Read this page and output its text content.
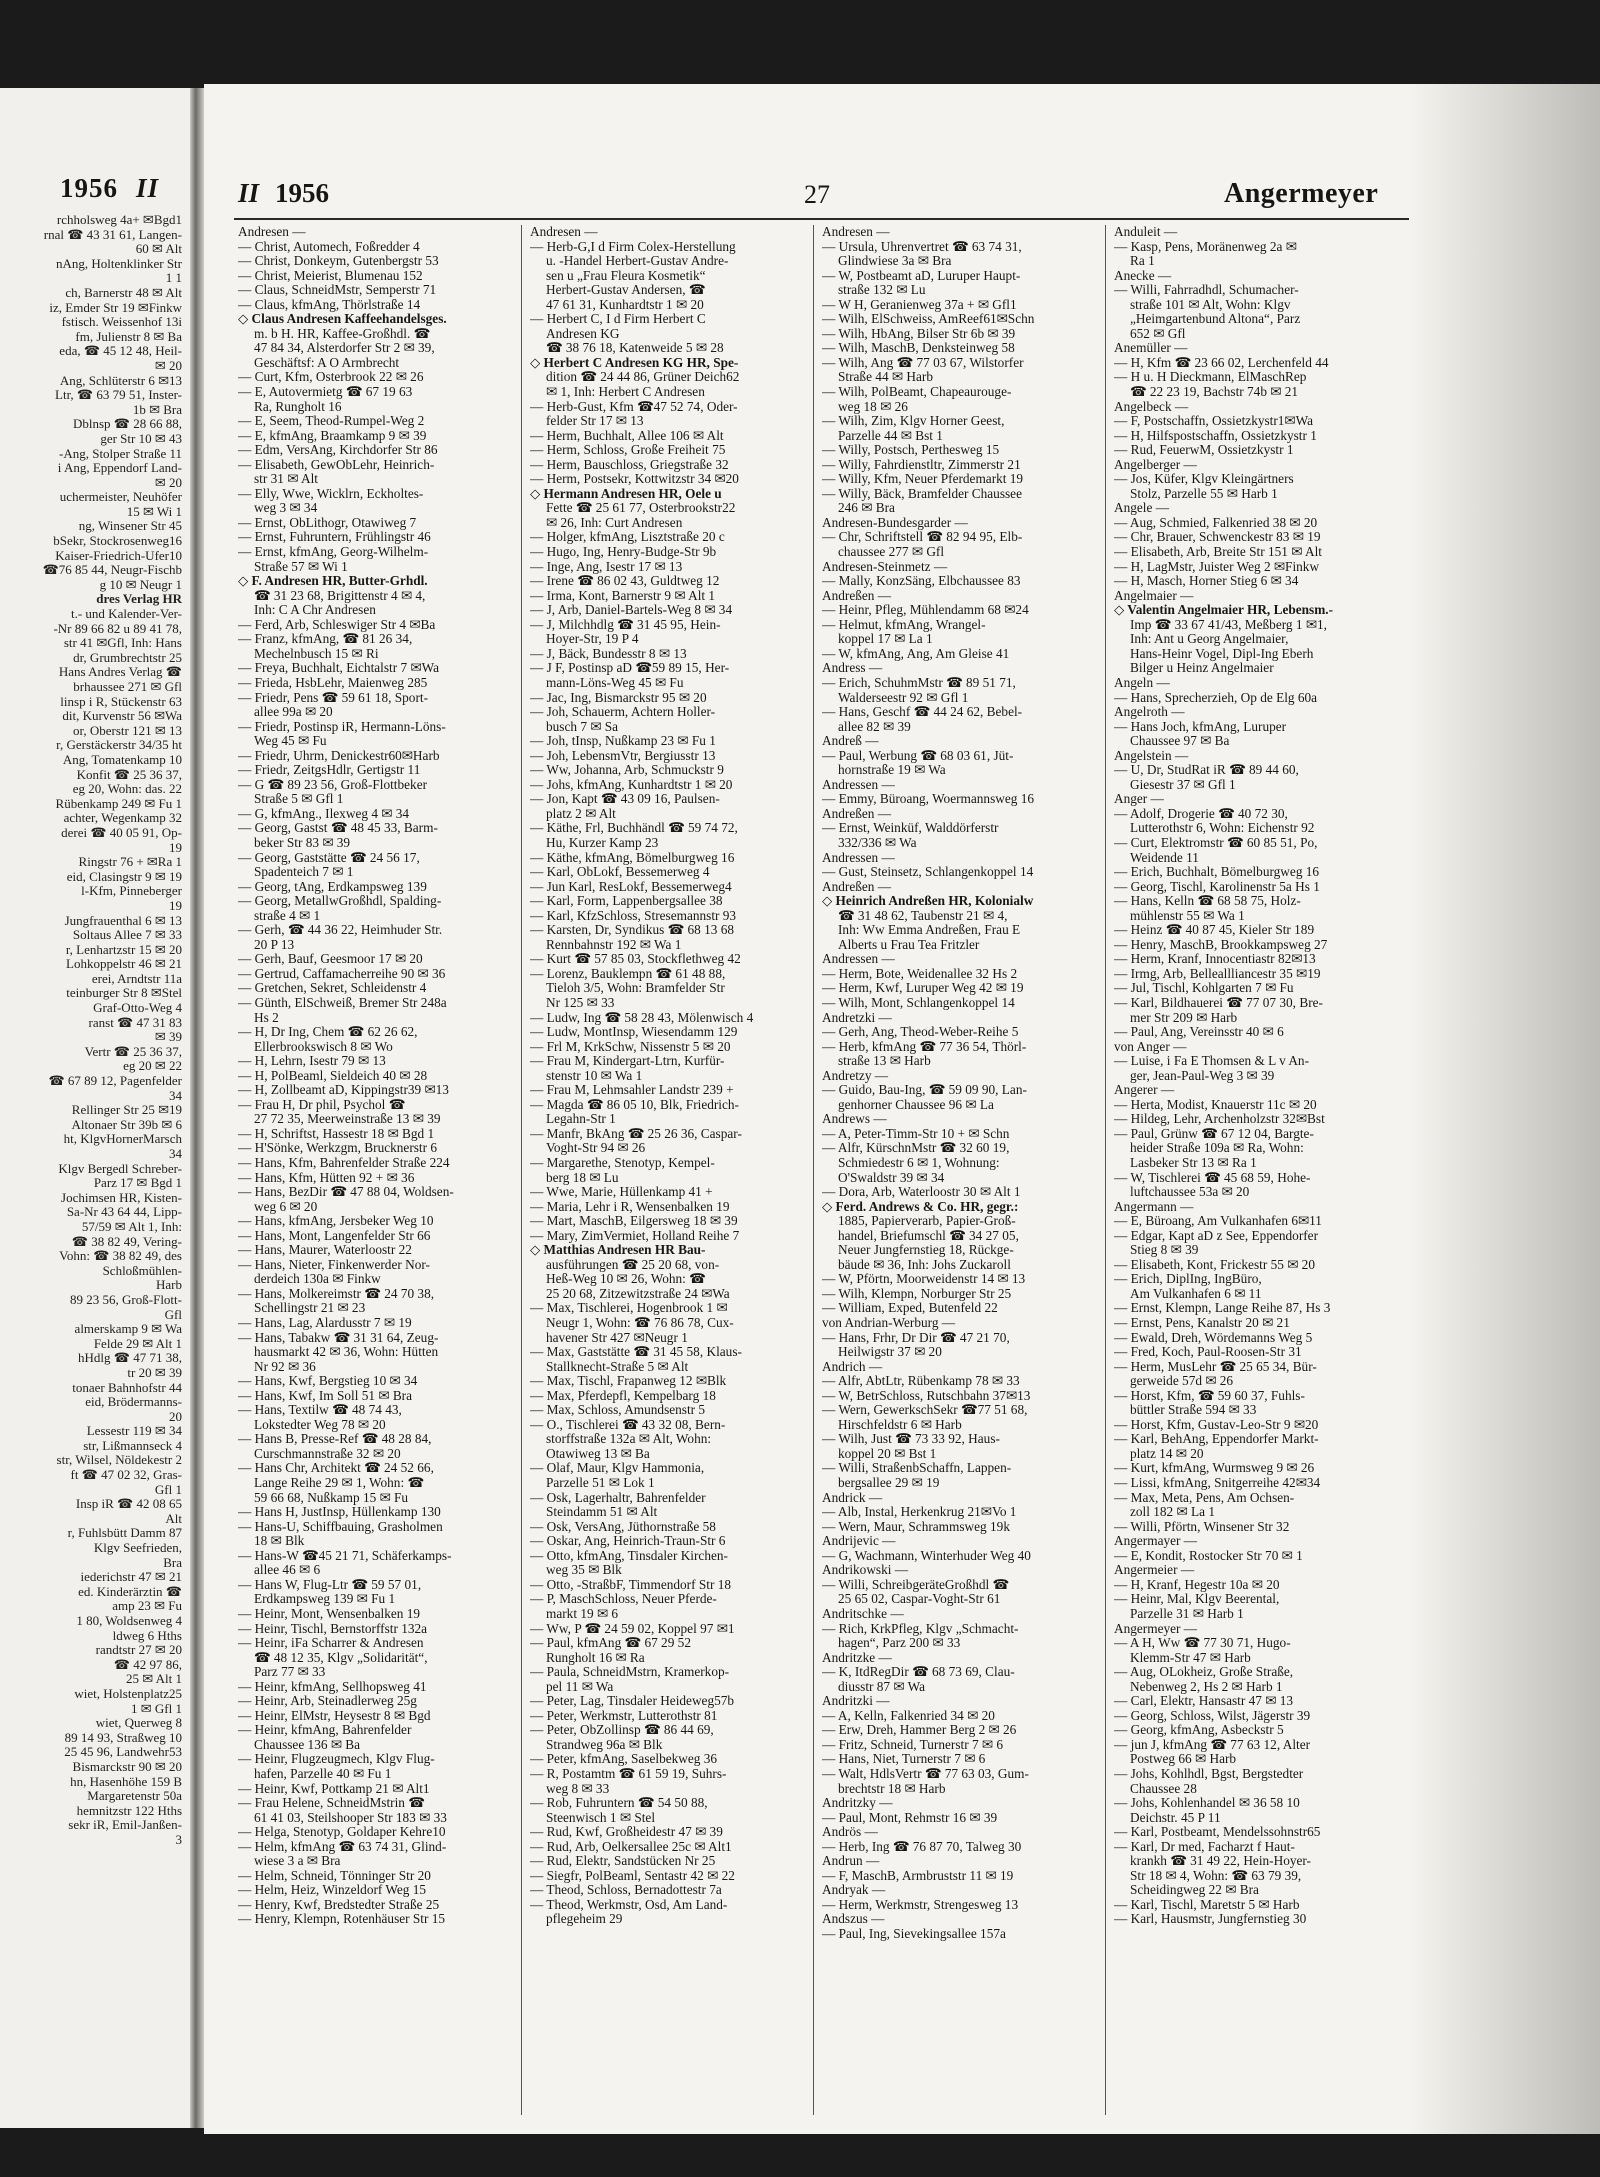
1956 II
rchholsweg 4a+ ✉Bgd1
rnal ☎ 43 31 61, Langen-
60 ✉ Alt
nAng, Holtenklinker Str
1 1
ch, Barnerstr 48 ✉ Alt
iz, Emder Str 19 ✉Finkw
fstisch. Weissenhof 13i
fm, Julienstr 8 ✉ Ba
eda, ☎ 45 12 48, Heil-
✉ 20
Ang, Schlüterstr 6 ✉13
Ltr, ☎ 63 79 51, Inster-
1b ✉ Bra
Dblnsp ☎ 28 66 88,
ger Str 10 ✉ 43
-Ang, Stolper Straße 11
i Ang, Eppendorf Land-
✉ 20
uchermeister, Neuhöfer
15 ✉ Wi 1
ng, Winsener Str 45
bSekr, Stockrosenweg16
Kaiser-Friedrich-Ufer10
☎76 85 44, Neugr-Fischb
g 10 ✉ Neugr 1
dres Verlag HR
t.- und Kalender-Ver-
-Nr 89 66 82 u 89 41 78,
str 41 ✉Gfl, Inh: Hans
dr, Grumbrechtstr 25
Hans Andres Verlag ☎
brhaussee 271 ✉ Gfl
linsp i R, Stückenstr 63
dit, Kurvenstr 56 ✉Wa
or, Oberstr 121 ✉ 13
r, Gerstäckerstr 34/35 ht
Ang, Tomatenkamp 10
Konfit ☎ 25 36 37,
eg 20, Wohn: das. 22
Rübenkamp 249 ✉ Fu 1
achter, Wegenkamp 32
derei ☎ 40 05 91, Op-
19
Ringstr 76 + ✉Ra 1
eid, Clasingstr 9 ✉ 19
l-Kfm, Pinneberger
19
Jungfrauenthal 6 ✉ 13
Soltaus Allee 7 ✉ 33
r, Lenhartzstr 15 ✉ 20
Lohkoppelstr 46 ✉ 21
erei, Arndtstr 11a
teinburger Str 8 ✉Stel
Graf-Otto-Weg 4
ranst ☎ 47 31 83
✉ 39
Vertr ☎ 25 36 37,
eg 20 ✉ 22
☎ 67 89 12, Pagenfelder
34
Rellinger Str 25 ✉19
Altonaer Str 39b ✉ 6
ht, KlgvHornerMarsch
34
Klgv Bergedl Schreber-
Parz 17 ✉ Bgd 1
Jochimsen HR, Kisten-
Sa-Nr 43 64 44, Lipp-
57/59 ✉ Alt 1, Inh:
☎ 38 82 49, Vering-
Vohn: ☎ 38 82 49, des
Schloßmühlen-
Harb
89 23 56, Groß-Flott-
Gfl
almerskamp 9 ✉ Wa
Felde 29 ✉ Alt 1
hHdlg ☎ 47 71 38,
tr 20 ✉ 39
tonaer Bahnhofstr 44
eid, Brödermanns-
20
Lessestr 119 ✉ 34
str, Lißmannseck 4
str, Wilsel, Nöldekestr 2
ft ☎ 47 02 32, Gras-
Gfl 1
Insp iR ☎ 42 08 65
Alt
r, Fuhlsbütt Damm 87
Klgv Seefrieden,
Bra
iederichstr 47 ✉ 21
ed. Kinderärztin ☎
amp 23 ✉ Fu
1 80, Woldsenweg 4
ldweg 6 Hths
randtstr 27 ✉ 20
☎ 42 97 86,
25 ✉ Alt 1
wiet, Holstenplatz25
1 ✉ Gfl 1
wiet, Querweg 8
89 14 93, Straßweg 10
25 45 96, Landwehr53
Bismarckstr 90 ✉ 20
hn, Hasenhöhe 159 B
Margaretenstr 50a
hemnitzstr 122 Hths
sekr iR, Emil-Janßen-
3
II 1956	27	Angermeyer
Andresen —
— Christ, Automech, Foßredder 4
— Christ, Donkeym, Gutenbergstr 53
— Christ, Meierist, Blumenau 152
— Claus, SchneidMstr, Semperstr 71
— Claus, kfmAng, Thörlstraße 14
◇ Claus Andresen Kaffeehandelsges.
m. b H. HR, Kaffee-Großhdl. ☎
47 84 34, Alsterdorfer Str 2 ✉ 39,
Geschäftsf: A O Armbrecht
— Curt, Kfm, Osterbrook 22 ✉ 26
— E, Autovermietg ☎ 67 19 63
Ra, Rungholt 16
— E, Seem, Theod-Rumpel-Weg 2
— E, kfmAng, Braamkamp 9 ✉ 39
— Edm, VersAng, Kirchdorfer Str 86
— Elisabeth, GewObLehr, Heinrich-
str 31 ✉ Alt
— Elly, Wwe, Wicklrn, Eckholtes-
weg 3 ✉ 34
— Ernst, ObLithogr, Otawiweg 7
— Ernst, Fuhruntern, Frühlingstr 46
— Ernst, kfmAng, Georg-Wilhelm-
Straße 57 ✉ Wi 1
◇ F. Andresen HR, Butter-Grhdl.
☎ 31 23 68, Brigittenstr 4 ✉ 4,
Inh: C A Chr Andresen
— Ferd, Arb, Schleswiger Str 4 ✉Ba
— Franz, kfmAng, ☎ 81 26 34,
Mechelnbusch 15 ✉ Ri
— Freya, Buchhalt, Eichtalstr 7 ✉Wa
— Frieda, HsbLehr, Maienweg 285
— Friedr, Pens ☎ 59 61 18, Sport-
allee 99a ✉ 20
— Friedr, Postinsp iR, Hermann-Löns-
Weg 45 ✉ Fu
— Friedr, Uhrm, Denickestr60✉Harb
— Friedr, ZeitgsHdlr, Gertigstr 11
— G ☎ 89 23 56, Groß-Flottbeker
Straße 5 ✉ Gfl 1
— G, kfmAng., Ilexweg 4 ✉ 34
— Georg, Gastst ☎ 48 45 33, Barm-
beker Str 83 ✉ 39
— Georg, Gaststätte ☎ 24 56 17,
Spadenteich 7 ✉ 1
— Georg, tAng, Erdkampsweg 139
— Georg, MetallwGroßhdl, Spalding-
straße 4 ✉ 1
— Gerh, ☎ 44 36 22, Heimhuder Str.
20 P 13
— Gerh, Bauf, Geesmoor 17 ✉ 20
— Gertrud, Caffamacherreihe 90 ✉ 36
— Gretchen, Sekret, Schleidenstr 4
— Günth, ElSchweiß, Bremer Str 248a
Hs 2
— H, Dr Ing, Chem ☎ 62 26 62,
Ellerbrookswisch 8 ✉ Wo
— H, Lehrn, Isestr 79 ✉ 13
— H, PolBeaml, Sieldeich 40 ✉ 28
— H, Zollbeamt aD, Kippingstr39 ✉13
— Frau H, Dr phil, Psychol ☎
27 72 35, Meerweinstraße 13 ✉ 39
— H, Schriftst, Hassestr 18 ✉ Bgd 1
— H'Sönke, Werkzgm, Brucknerstr 6
— Hans, Kfm, Bahrenfelder Straße 224
— Hans, Kfm, Hütten 92 + ✉ 36
— Hans, BezDir ☎ 47 88 04, Woldsen-
weg 6 ✉ 20
— Hans, kfmAng, Jersbeker Weg 10
— Hans, Mont, Langenfelder Str 66
— Hans, Maurer, Waterloostr 22
— Hans, Nieter, Finkenwerder Nor-
derdeich 130a ✉ Finkw
— Hans, Molkereimstr ☎ 24 70 38,
Schellingstr 21 ✉ 23
— Hans, Lag, Alardusstr 7 ✉ 19
— Hans, Tabakw ☎ 31 31 64, Zeug-
hausmarkt 42 ✉ 36, Wohn: Hütten
Nr 92 ✉ 36
— Hans, Kwf, Bergstieg 10 ✉ 34
— Hans, Kwf, Im Soll 51 ✉ Bra
— Hans, Textilw ☎ 48 74 43,
Lokstedter Weg 78 ✉ 20
— Hans B, Presse-Ref ☎ 48 28 84,
Curschmannstraße 32 ✉ 20
— Hans Chr, Architekt ☎ 24 52 66,
Lange Reihe 29 ✉ 1, Wohn: ☎
59 66 68, Nußkamp 15 ✉ Fu
— Hans H, JustInsp, Hüllenkamp 130
— Hans-U, Schiffbauing, Grasholmen
18 ✉ Blk
— Hans-W ☎45 21 71, Schäferkamps-
allee 46 ✉ 6
— Hans W, Flug-Ltr ☎ 59 57 01,
Erdkampsweg 139 ✉ Fu 1
— Heinr, Mont, Wensenbalken 19
— Heinr, Tischl, Bernstorffstr 132a
— Heinr, iFa Scharrer & Andresen
☎ 48 12 35, Klgv „Solidarität“,
Parz 77 ✉ 33
— Heinr, kfmAng, Sellhopsweg 41
— Heinr, Arb, Steinadlerweg 25g
— Heinr, ElMstr, Heysestr 8 ✉ Bgd
— Heinr, kfmAng, Bahrenfelder
Chaussee 136 ✉ Ba
— Heinr, Flugzeugmech, Klgv Flug-
hafen, Parzelle 40 ✉ Fu 1
— Heinr, Kwf, Pottkamp 21 ✉ Alt1
— Frau Helene, SchneidMstrin ☎
61 41 03, Steilshooper Str 183 ✉ 33
— Helga, Stenotyp, Goldaper Kehre10
— Helm, kfmAng ☎ 63 74 31, Glind-
wiese 3 a ✉ Bra
— Helm, Schneid, Tönninger Str 20
— Helm, Heiz, Winzeldorf Weg 15
— Henry, Kwf, Bredstedter Straße 25
— Henry, Klempn, Rotenhäuser Str 15
Andresen —
— Herb-G,I d Firm Colex-Herstellung
u. -Handel Herbert-Gustav Andre-
sen u „Frau Fleura Kosmetik“
Herbert-Gustav Andersen, ☎
47 61 31, Kunhardtstr 1 ✉ 20
— Herbert C, I d Firm Herbert C
Andresen KG
☎ 38 76 18, Katenweide 5 ✉ 28
◇ Herbert C Andresen KG HR, Spe-
dition ☎ 24 44 86, Grüner Deich62
✉ 1, Inh: Herbert C Andresen
— Herb-Gust, Kfm ☎47 52 74, Oder-
felder Str 17 ✉ 13
— Herm, Buchhalt, Allee 106 ✉ Alt
— Herm, Schloss, Große Freiheit 75
— Herm, Bauschloss, Griegstraße 32
— Herm, Postsekr, Kottwitzstr 34 ✉20
◇ Hermann Andresen HR, Oele u
Fette ☎ 25 61 77, Osterbrookstr22
✉ 26, Inh: Curt Andresen
— Holger, kfmAng, Lisztstraße 20 c
— Hugo, Ing, Henry-Budge-Str 9b
— Inge, Ang, Isestr 17 ✉ 13
— Irene ☎ 86 02 43, Guldtweg 12
— Irma, Kont, Barnerstr 9 ✉ Alt 1
— J, Arb, Daniel-Bartels-Weg 8 ✉ 34
— J, Milchhdlg ☎ 31 45 95, Hein-
Hoyer-Str, 19 P 4
— J, Bäck, Bundesstr 8 ✉ 13
— J F, Postinsp aD ☎59 89 15, Her-
mann-Löns-Weg 45 ✉ Fu
— Jac, Ing, Bismarckstr 95 ✉ 20
— Joh, Schauerm, Achtern Holler-
busch 7 ✉ Sa
— Joh, tInsp, Nußkamp 23 ✉ Fu 1
— Joh, LebensmVtr, Bergiusstr 13
— Ww, Johanna, Arb, Schmuckstr 9
— Johs, kfmAng, Kunhardtstr 1 ✉ 20
— Jon, Kapt ☎ 43 09 16, Paulsen-
platz 2 ✉ Alt
— Käthe, Frl, Buchhändl ☎ 59 74 72,
Hu, Kurzer Kamp 23
— Käthe, kfmAng, Bömelburgweg 16
— Karl, ObLokf, Bessemerweg 4
— Jun Karl, ResLokf, Bessemerweg4
— Karl, Form, Lappenbergsallee 38
— Karl, KfzSchloss, Stresemannstr 93
— Karsten, Dr, Syndikus ☎ 68 13 68
Rennbahnstr 192 ✉ Wa 1
— Kurt ☎ 57 85 03, Stockflethweg 42
— Lorenz, Bauklempn ☎ 61 48 88,
Tieloh 3/5, Wohn: Bramfelder Str
Nr 125 ✉ 33
— Ludw, Ing ☎ 58 28 43, Mölenwisch 4
— Ludw, MontInsp, Wiesendamm 129
— Frl M, KrkSchw, Nissenstr 5 ✉ 20
— Frau M, Kindergart-Ltrn, Kurfür-
stenstr 10 ✉ Wa 1
— Frau M, Lehmsahler Landstr 239 +
— Magda ☎ 86 05 10, Blk, Friedrich-
Legahn-Str 1
— Manfr, BkAng ☎ 25 26 36, Caspar-
Voght-Str 94 ✉ 26
— Margarethe, Stenotyp, Kempel-
berg 18 ✉ Lu
— Wwe, Marie, Hüllenkamp 41 +
— Maria, Lehr i R, Wensenbalken 19
— Mart, MaschB, Eilgersweg 18 ✉ 39
— Mary, ZimVermiet, Holland Reihe 7
◇ Matthias Andresen HR Bau-
ausführungen ☎ 25 20 68, von-
Heß-Weg 10 ✉ 26, Wohn: ☎
25 20 68, Zitzewitzstraße 24 ✉Wa
— Max, Tischlerei, Hogenbrook 1 ✉
Neugr 1, Wohn: ☎ 76 86 78, Cux-
havener Str 427 ✉Neugr 1
— Max, Gaststätte ☎ 31 45 58, Klaus-
Stallknecht-Straße 5 ✉ Alt
— Max, Tischl, Frapanweg 12 ✉Blk
— Max, Pferdepfl, Kempelbarg 18
— Max, Schloss, Amundsenstr 5
— O., Tischlerei ☎ 43 32 08, Bern-
storffstraße 132a ✉ Alt, Wohn:
Otawiweg 13 ✉ Ba
— Olaf, Maur, Klgv Hammonia,
Parzelle 51 ✉ Lok 1
— Osk, Lagerhaltr, Bahrenfelder
Steindamm 51 ✉ Alt
— Osk, VersAng, Jüthornstraße 58
— Oskar, Ang, Heinrich-Traun-Str 6
— Otto, kfmAng, Tinsdaler Kirchen-
weg 35 ✉ Blk
— Otto, -StraßbF, Timmendorf Str 18
— P, MaschSchloss, Neuer Pferde-
markt 19 ✉ 6
— Ww, P ☎ 24 59 02, Koppel 97 ✉1
— Paul, kfmAng ☎ 67 29 52
Rungholt 16 ✉ Ra
— Paula, SchneidMstrn, Kramerkop-
pel 11 ✉ Wa
— Peter, Lag, Tinsdaler Heideweg57b
— Peter, Werkmstr, Lutterothstr 81
— Peter, ObZollinsp ☎ 86 44 69,
Strandweg 96a ✉ Blk
— Peter, kfmAng, Saselbekweg 36
— R, Postamtm ☎ 61 59 19, Suhrs-
weg 8 ✉ 33
— Rob, Fuhruntern ☎ 54 50 88,
Steenwisch 1 ✉ Stel
— Rud, Kwf, Großheidestr 47 ✉ 39
— Rud, Arb, Oelkersallee 25c ✉ Alt1
— Rud, Elektr, Sandstücken Nr 25
— Siegfr, PolBeaml, Sentastr 42 ✉ 22
— Theod, Schloss, Bernadottestr 7a
— Theod, Werkmstr, Osd, Am Land-
pflegeheim 29
Andresen —
— Ursula, Uhrenvertret ☎ 63 74 31,
Glindwiese 3a ✉ Bra
— W, Postbeamt aD, Luruper Haupt-
straße 132 ✉ Lu
— W H, Geranienweg 37a + ✉ Gfl1
— Wilh, ElSchweiss, AmReef61✉Schn
— Wilh, HbAng, Bilser Str 6b ✉ 39
— Wilh, MaschB, Denksteinweg 58
— Wilh, Ang ☎ 77 03 67, Wilstorfer
Straße 44 ✉ Harb
— Wilh, PolBeamt, Chapeaurouge-
weg 18 ✉ 26
— Wilh, Zim, Klgv Horner Geest,
Parzelle 44 ✉ Bst 1
— Willy, Postsch, Perthesweg 15
— Willy, Fahrdienstltr, Zimmerstr 21
— Willy, Kfm, Neuer Pferdemarkt 19
— Willy, Bäck, Bramfelder Chaussee
246 ✉ Bra
Andresen-Bundesgarder —
— Chr, Schriftstell ☎ 82 94 95, Elb-
chaussee 277 ✉ Gfl
Andresen-Steinmetz —
— Mally, KonzSäng, Elbchaussee 83
Andreßen —
— Heinr, Pfleg, Mühlendamm 68 ✉24
— Helmut, kfmAng, Wrangel-
koppel 17 ✉ La 1
— W, kfmAng, Ang, Am Gleise 41
Andress —
— Erich, SchuhmMstr ☎ 89 51 71,
Walderseestr 92 ✉ Gfl 1
— Hans, Geschf ☎ 44 24 62, Bebel-
allee 82 ✉ 39
Andreß —
— Paul, Werbung ☎ 68 03 61, Jüt-
hornstraße 19 ✉ Wa
Andressen —
— Emmy, Büroang, Woermannsweg 16
Andreßen —
— Ernst, Weinküf, Walddörferstr
332/336 ✉ Wa
Andressen —
— Gust, Steinsetz, Schlangenkoppel 14
Andreßen —
◇ Heinrich Andreßen HR, Kolonialw
☎ 31 48 62, Taubenstr 21 ✉ 4,
Inh: Ww Emma Andreßen, Frau E
Alberts u Frau Tea Fritzler
Andressen —
— Herm, Bote, Weidenallee 32 Hs 2
— Herm, Kwf, Luruper Weg 42 ✉ 19
— Wilh, Mont, Schlangenkoppel 14
Andretzki —
— Gerh, Ang, Theod-Weber-Reihe 5
— Herb, kfmAng ☎ 77 36 54, Thörl-
straße 13 ✉ Harb
Andretzy —
— Guido, Bau-Ing, ☎ 59 09 90, Lan-
genhorner Chaussee 96 ✉ La
Andrews —
— A, Peter-Timm-Str 10 + ✉ Schn
— Alfr, KürschnMstr ☎ 32 60 19,
Schmiedestr 6 ✉ 1, Wohnung:
O'Swaldstr 39 ✉ 34
— Dora, Arb, Waterloostr 30 ✉ Alt 1
◇ Ferd. Andrews & Co. HR, gegr.:
1885, Papierverarb, Papier-Groß-
handel, Briefumschl ☎ 34 27 05,
Neuer Jungfernstieg 18, Rückge-
bäude ✉ 36, Inh: Johs Zuckaroll
— W, Pförtn, Moorweidenstr 14 ✉ 13
— Wilh, Klempn, Norburger Str 25
— William, Exped, Butenfeld 22
von Andrian-Werburg —
— Hans, Frhr, Dr Dir ☎ 47 21 70,
Heilwigstr 37 ✉ 20
Andrich —
— Alfr, AbtLtr, Rübenkamp 78 ✉ 33
— W, BetrSchloss, Rutschbahn 37✉13
— Wern, GewerkschSekr ☎77 51 68,
Hirschfeldstr 6 ✉ Harb
— Wilh, Just ☎ 73 33 92, Haus-
koppel 20 ✉ Bst 1
— Willi, StraßenbSchaffn, Lappen-
bergsallee 29 ✉ 19
Andrick —
— Alb, Instal, Herkenkrug 21✉Vo 1
— Wern, Maur, Schrammsweg 19k
Andrijevic —
— G, Wachmann, Winterhuder Weg 40
Andrikowski —
— Willi, SchreibgeräteGroßhdl ☎
25 65 02, Caspar-Voght-Str 61
Andritschke —
— Rich, KrkPfleg, Klgv „Schmacht-
hagen“, Parz 200 ✉ 33
Andritzke —
— K, ItdRegDir ☎ 68 73 69, Clau-
diusstr 87 ✉ Wa
Andritzki —
— A, Kelln, Falkenried 34 ✉ 20
— Erw, Dreh, Hammer Berg 2 ✉ 26
— Fritz, Schneid, Turnerstr 7 ✉ 6
— Hans, Niet, Turnerstr 7 ✉ 6
— Walt, HdlsVertr ☎ 77 63 03, Gum-
brechtstr 18 ✉ Harb
Andritzky —
— Paul, Mont, Rehmstr 16 ✉ 39
Andrös —
— Herb, Ing ☎ 76 87 70, Talweg 30
Andrun —
— F, MaschB, Armbruststr 11 ✉ 19
Andryak —
— Herm, Werkmstr, Strengesweg 13
Andszus —
— Paul, Ing, Sievekingsallee 157a
Anduleit —
— Kasp, Pens, Moränenweg 2a ✉
Ra 1
Anecke —
— Willi, Fahrradhdl, Schumacher-
straße 101 ✉ Alt, Wohn: Klgv
„Heimgartenbund Altona“, Parz
652 ✉ Gfl
Anemüller —
— H, Kfm ☎ 23 66 02, Lerchenfeld 44
— H u. H Dieckmann, ElMaschRep
☎ 22 23 19, Bachstr 74b ✉ 21
Angelbeck —
— F, Postschaffn, Ossietzkystr1✉Wa
— H, Hilfspostschaffn, Ossietzkystr 1
— Rud, FeuerwM, Ossietzkystr 1
Angelberger —
— Jos, Küfer, Klgv Kleingärtners
Stolz, Parzelle 55 ✉ Harb 1
Angele —
— Aug, Schmied, Falkenried 38 ✉ 20
— Chr, Brauer, Schwenckestr 83 ✉ 19
— Elisabeth, Arb, Breite Str 151 ✉ Alt
— H, LagMstr, Juister Weg 2 ✉Finkw
— H, Masch, Horner Stieg 6 ✉ 34
Angelmaier —
◇ Valentin Angelmaier HR, Lebensm.-
Imp ☎ 33 67 41/43, Meßberg 1 ✉1,
Inh: Ant u Georg Angelmaier,
Hans-Heinr Vogel, Dipl-Ing Eberh
Bilger u Heinz Angelmaier
Angeln —
— Hans, Sprecherzieh, Op de Elg 60a
Angelroth —
— Hans Joch, kfmAng, Luruper
Chaussee 97 ✉ Ba
Angelstein —
— U, Dr, StudRat iR ☎ 89 44 60,
Giesestr 37 ✉ Gfl 1
Anger —
— Adolf, Drogerie ☎ 40 72 30,
Lutterothstr 6, Wohn: Eichenstr 92
— Curt, Elektromstr ☎ 60 85 51, Po,
Weidende 11
— Erich, Buchhalt, Bömelburgweg 16
— Georg, Tischl, Karolinenstr 5a Hs 1
— Hans, Kelln ☎ 68 58 75, Holz-
mühlenstr 55 ✉ Wa 1
— Heinz ☎ 40 87 45, Kieler Str 189
— Henry, MaschB, Brookkampsweg 27
— Herm, Kranf, Innocentiastr 82✉13
— Irmg, Arb, Belleallliancestr 35 ✉19
— Jul, Tischl, Kohlgarten 7 ✉ Fu
— Karl, Bildhauerei ☎ 77 07 30, Bre-
mer Str 209 ✉ Harb
— Paul, Ang, Vereinsstr 40 ✉ 6
von Anger —
— Luise, i Fa E Thomsen & L v An-
ger, Jean-Paul-Weg 3 ✉ 39
Angerer —
— Herta, Modist, Knauerstr 11c ✉ 20
— Hildeg, Lehr, Archenholzstr 32✉Bst
— Paul, Grünw ☎ 67 12 04, Bargte-
heider Straße 109a ✉ Ra, Wohn:
Lasbeker Str 13 ✉ Ra 1
— W, Tischlerei ☎ 45 68 59, Hohe-
luftchaussee 53a ✉ 20
Angermann —
— E, Büroang, Am Vulkanhafen 6✉11
— Edgar, Kapt aD z See, Eppendorfer
Stieg 8 ✉ 39
— Elisabeth, Kont, Frickestr 55 ✉ 20
— Erich, DiplIng, IngBüro,
Am Vulkanhafen 6 ✉ 11
— Ernst, Klempn, Lange Reihe 87, Hs 3
— Ernst, Pens, Kanalstr 20 ✉ 21
— Ewald, Dreh, Wördemanns Weg 5
— Fred, Koch, Paul-Roosen-Str 31
— Herm, MusLehr ☎ 25 65 34, Bür-
gerweide 57d ✉ 26
— Horst, Kfm, ☎ 59 60 37, Fuhls-
büttler Straße 594 ✉ 33
— Horst, Kfm, Gustav-Leo-Str 9 ✉20
— Karl, BehAng, Eppendorfer Markt-
platz 14 ✉ 20
— Kurt, kfmAng, Wurmsweg 9 ✉ 26
— Lissi, kfmAng, Snitgerreihe 42✉34
— Max, Meta, Pens, Am Ochsen-
zoll 182 ✉ La 1
— Willi, Pförtn, Winsener Str 32
Angermayer —
— E, Kondit, Rostocker Str 70 ✉ 1
Angermeier —
— H, Kranf, Hegestr 10a ✉ 20
— Heinr, Mal, Klgv Beerental,
Parzelle 31 ✉ Harb 1
Angermeyer —
— A H, Ww ☎ 77 30 71, Hugo-
Klemm-Str 47 ✉ Harb
— Aug, OLokheiz, Große Straße,
Nebenweg 2, Hs 2 ✉ Harb 1
— Carl, Elektr, Hansastr 47 ✉ 13
— Georg, Schloss, Wilst, Jägerstr 39
— Georg, kfmAng, Asbeckstr 5
— jun J, kfmAng ☎ 77 63 12, Alter
Postweg 66 ✉ Harb
— Johs, Kohlhdl, Bgst, Bergstedter
Chaussee 28
— Johs, Kohlenhandel ✉ 36 58 10
Deichstr. 45 P 11
— Karl, Postbeamt, Mendelssohnstr65
— Karl, Dr med, Facharzt f Haut-
krankh ☎ 31 49 22, Hein-Hoyer-
Str 18 ✉ 4, Wohn: ☎ 63 79 39,
Scheidingweg 22 ✉ Bra
— Karl, Tischl, Maretstr 5 ✉ Harb
— Karl, Hausmstr, Jungfernstieg 30
